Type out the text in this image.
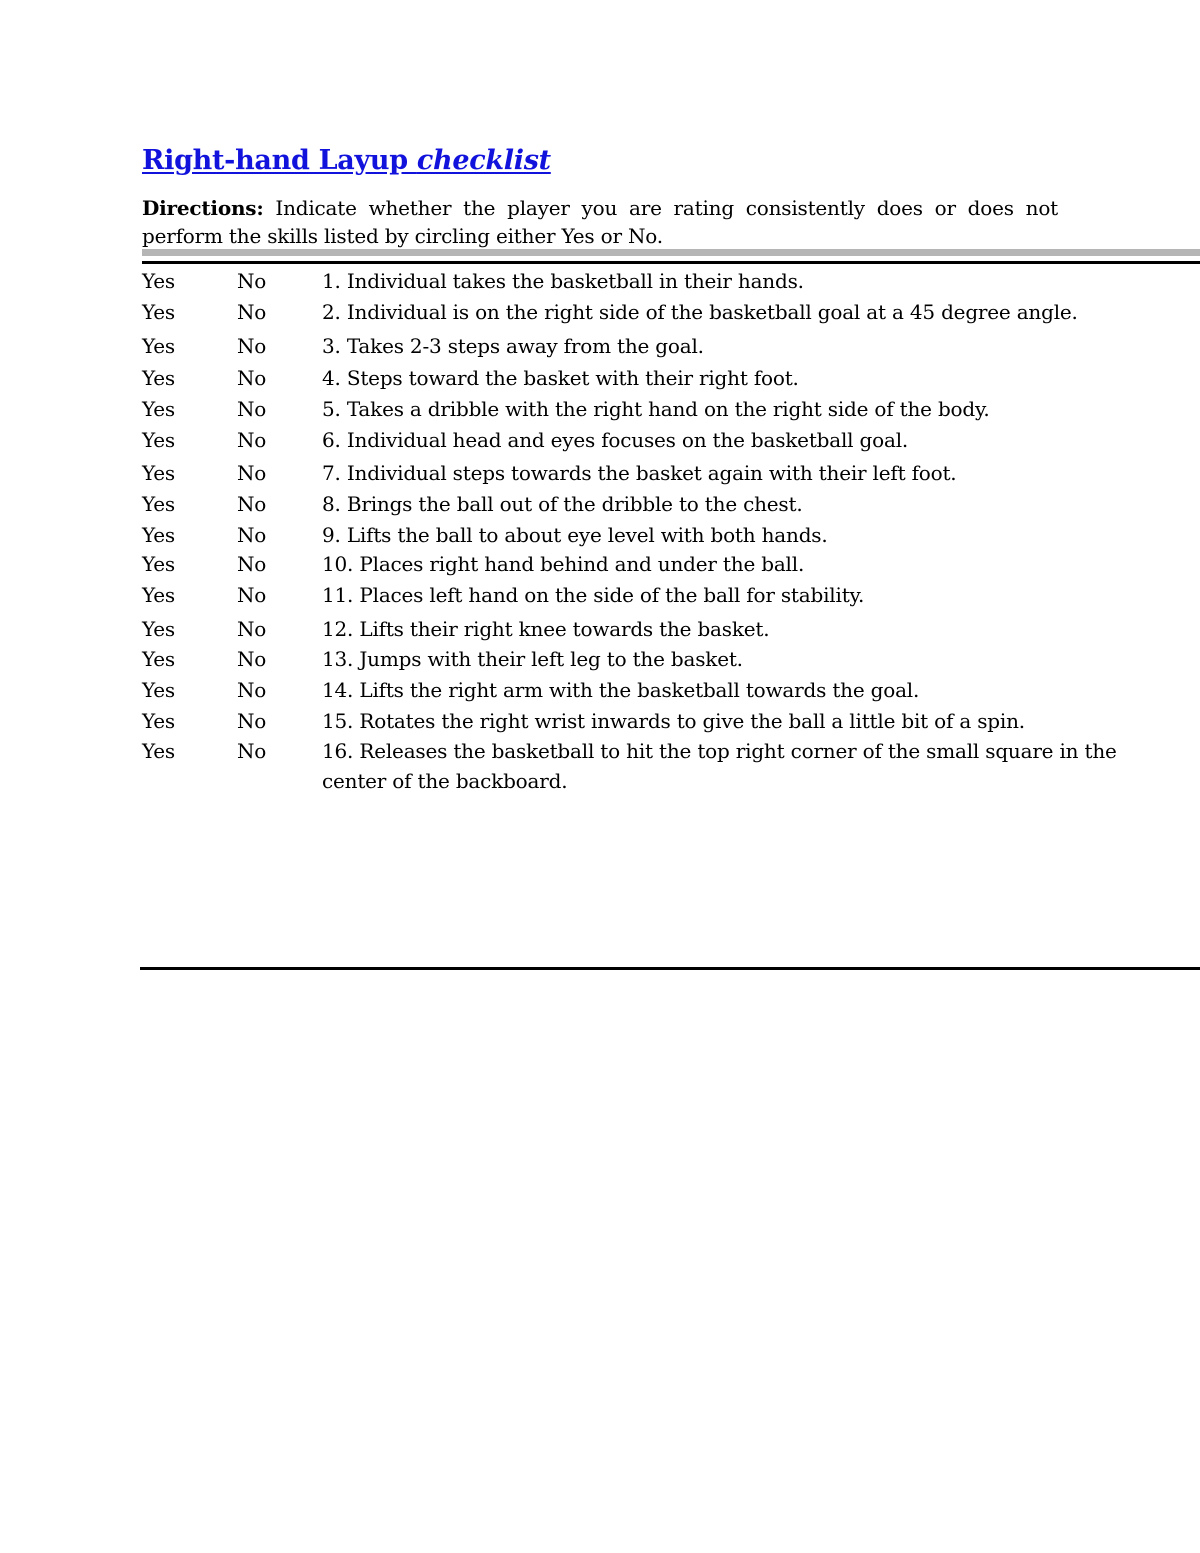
Right-hand Layup checklist
Directions: Indicate whether the player you are rating consistently does or does not perform the skills listed by circling either Yes or No.
Yes	No	1. Individual takes the basketball in their hands.
Yes	No	2. Individual is on the right side of the basketball goal at a 45 degree angle.
Yes	No	3. Takes 2-3 steps away from the goal.
Yes	No	4. Steps toward the basket with their right foot.
Yes	No	5. Takes a dribble with the right hand on the right side of the body.
Yes	No	6. Individual head and eyes focuses on the basketball goal.
Yes	No	7. Individual steps towards the basket again with their left foot.
Yes	No	8. Brings the ball out of the dribble to the chest.
Yes	No	9. Lifts the ball to about eye level with both hands.
Yes	No	10. Places right hand behind and under the ball.
Yes	No	11. Places left hand on the side of the ball for stability.
Yes	No	12. Lifts their right knee towards the basket.
Yes	No	13. Jumps with their left leg to the basket.
Yes	No	14. Lifts the right arm with the basketball towards the goal.
Yes	No	15. Rotates the right wrist inwards to give the ball a little bit of a spin.
Yes	No	16. Releases the basketball to hit the top right corner of the small square in the center of the backboard.
